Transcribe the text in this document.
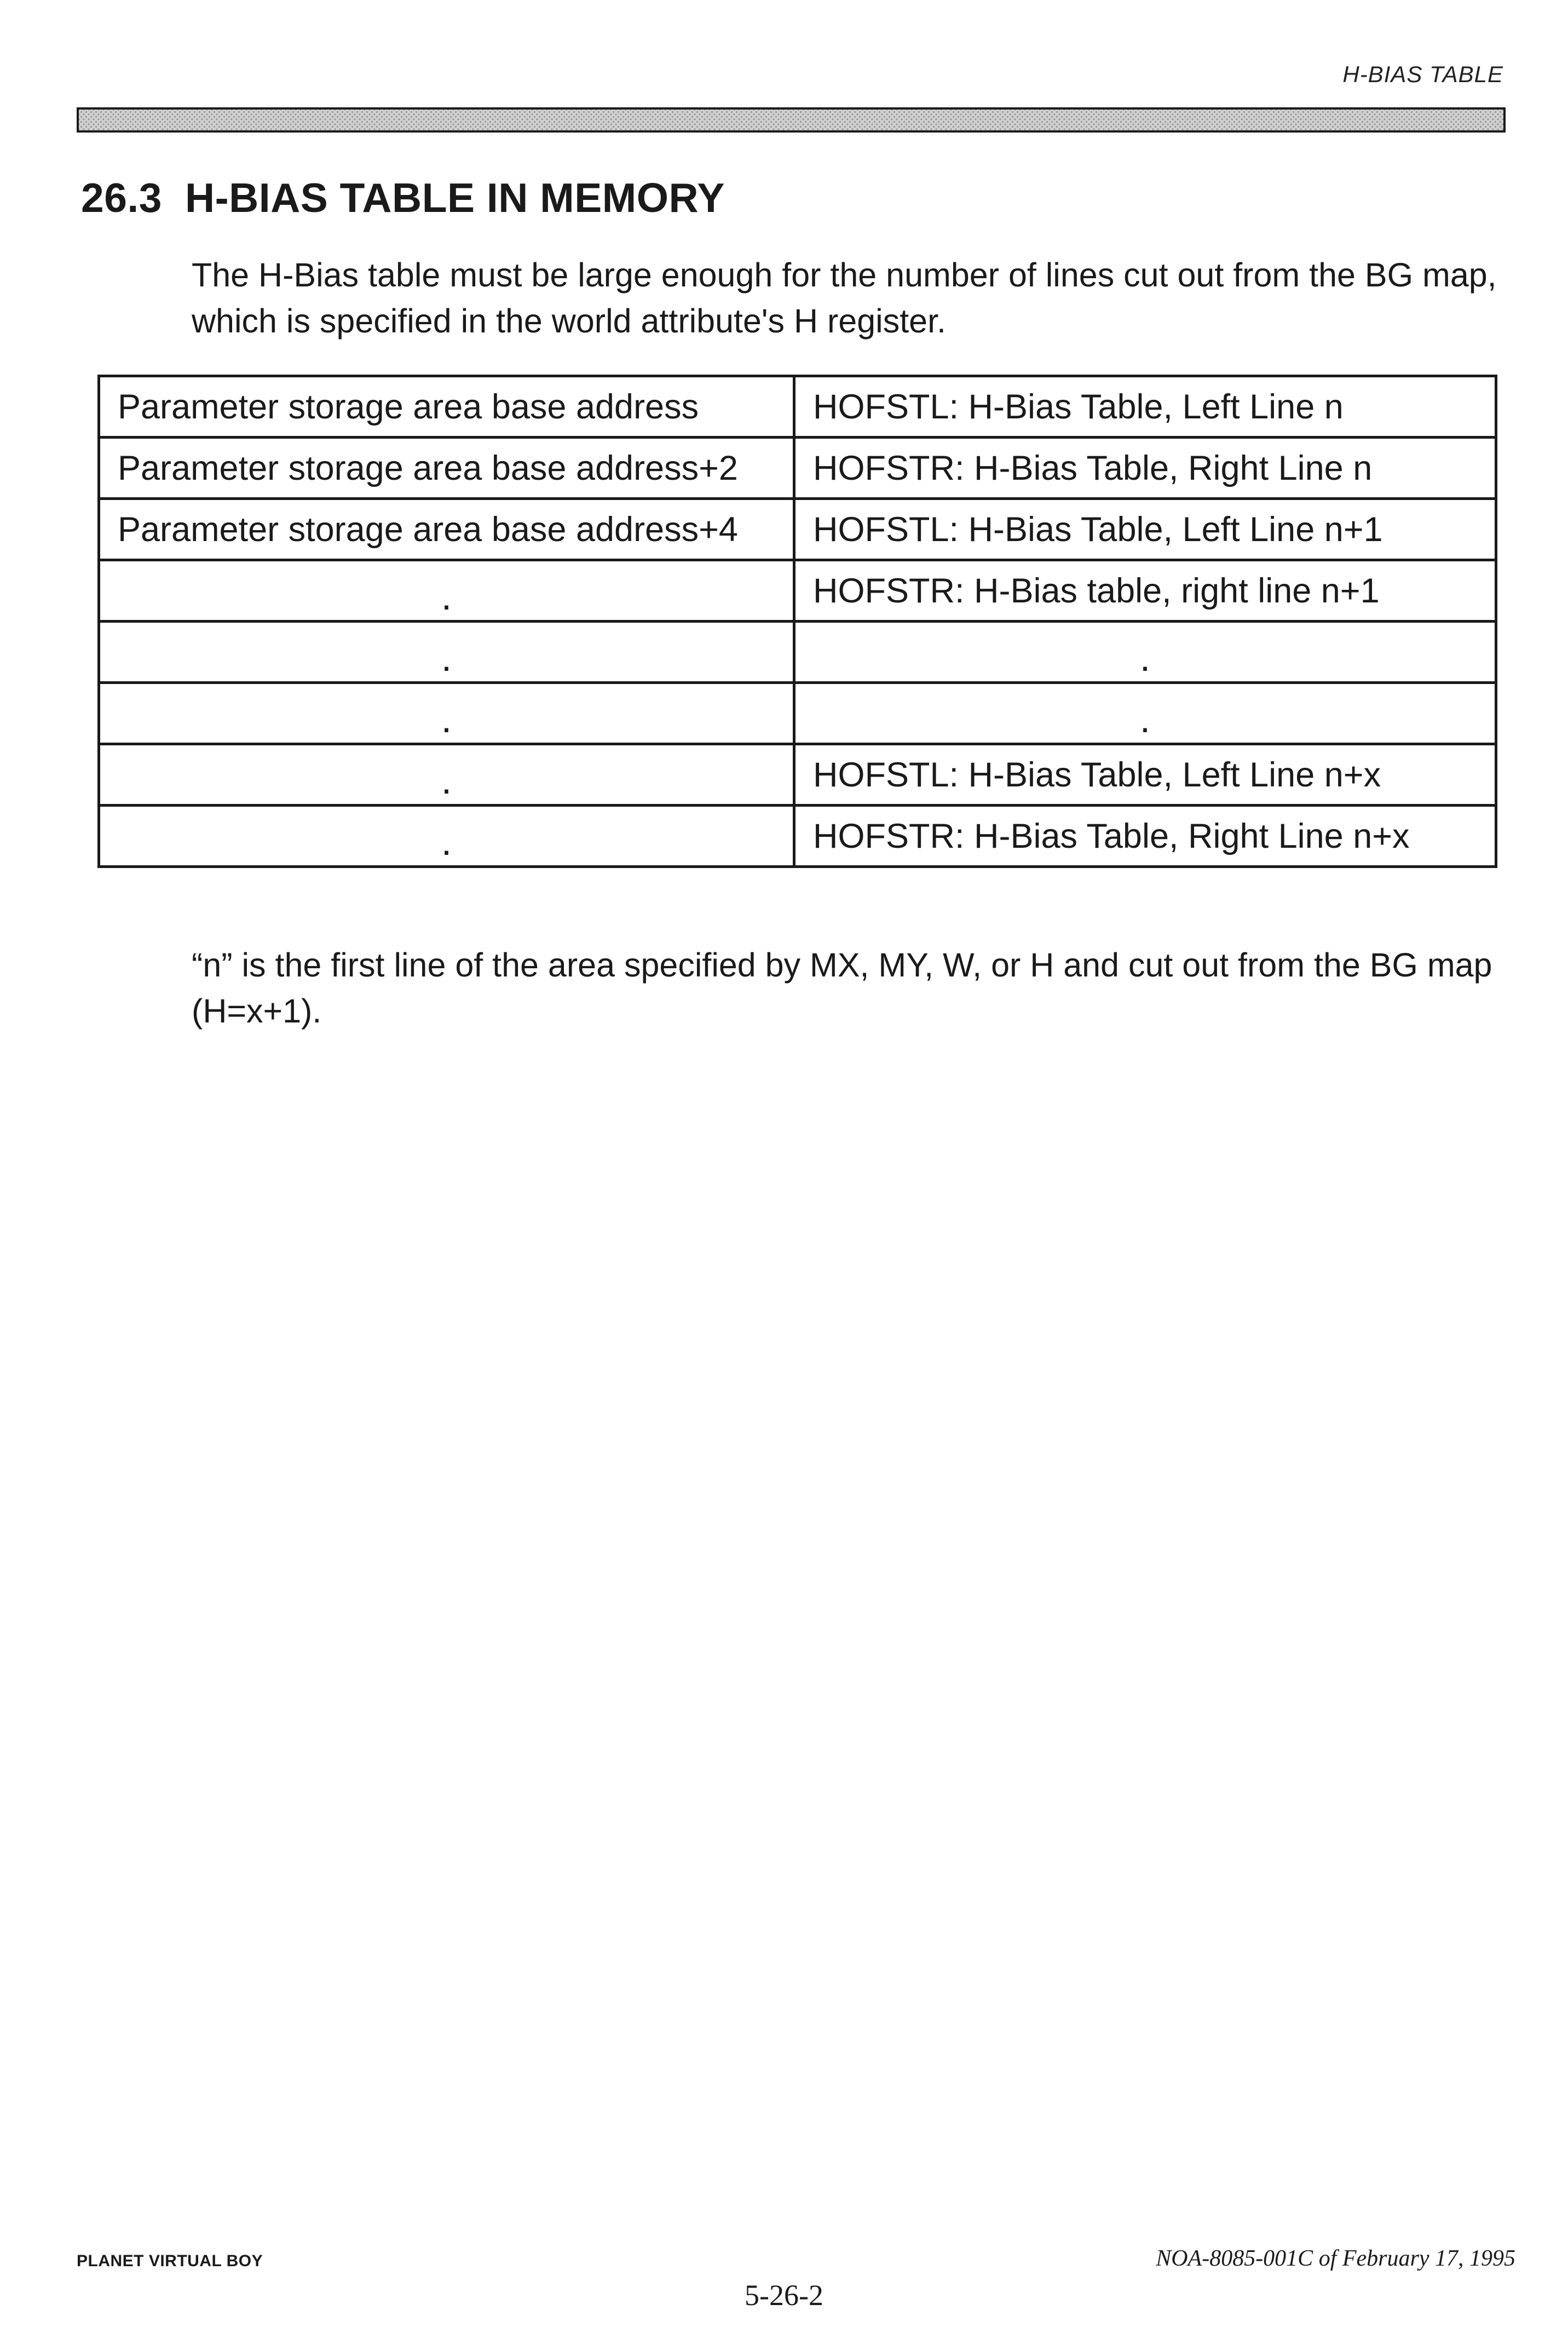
H-BIAS TABLE
26.3 H-BIAS TABLE IN MEMORY

The H-Bias table must be large enough for the number of lines cut out from the BG map, which is specified in the world attribute's H register.

Parameter storage area base address	HOFSTL: H-Bias Table, Left Line n
Parameter storage area base address+2	HOFSTR: H-Bias Table, Right Line n
Parameter storage area base address+4	HOFSTL: H-Bias Table, Left Line n+1
.	HOFSTR: H-Bias table, right line n+1
.	.
.	.
.	HOFSTL: H-Bias Table, Left Line n+x
.	HOFSTR: H-Bias Table, Right Line n+x

“n” is the first line of the area specified by MX, MY, W, or H and cut out from the BG map (H=x+1).

PLANET VIRTUAL BOY	NOA-8085-001C of February 17, 1995
5-26-2
